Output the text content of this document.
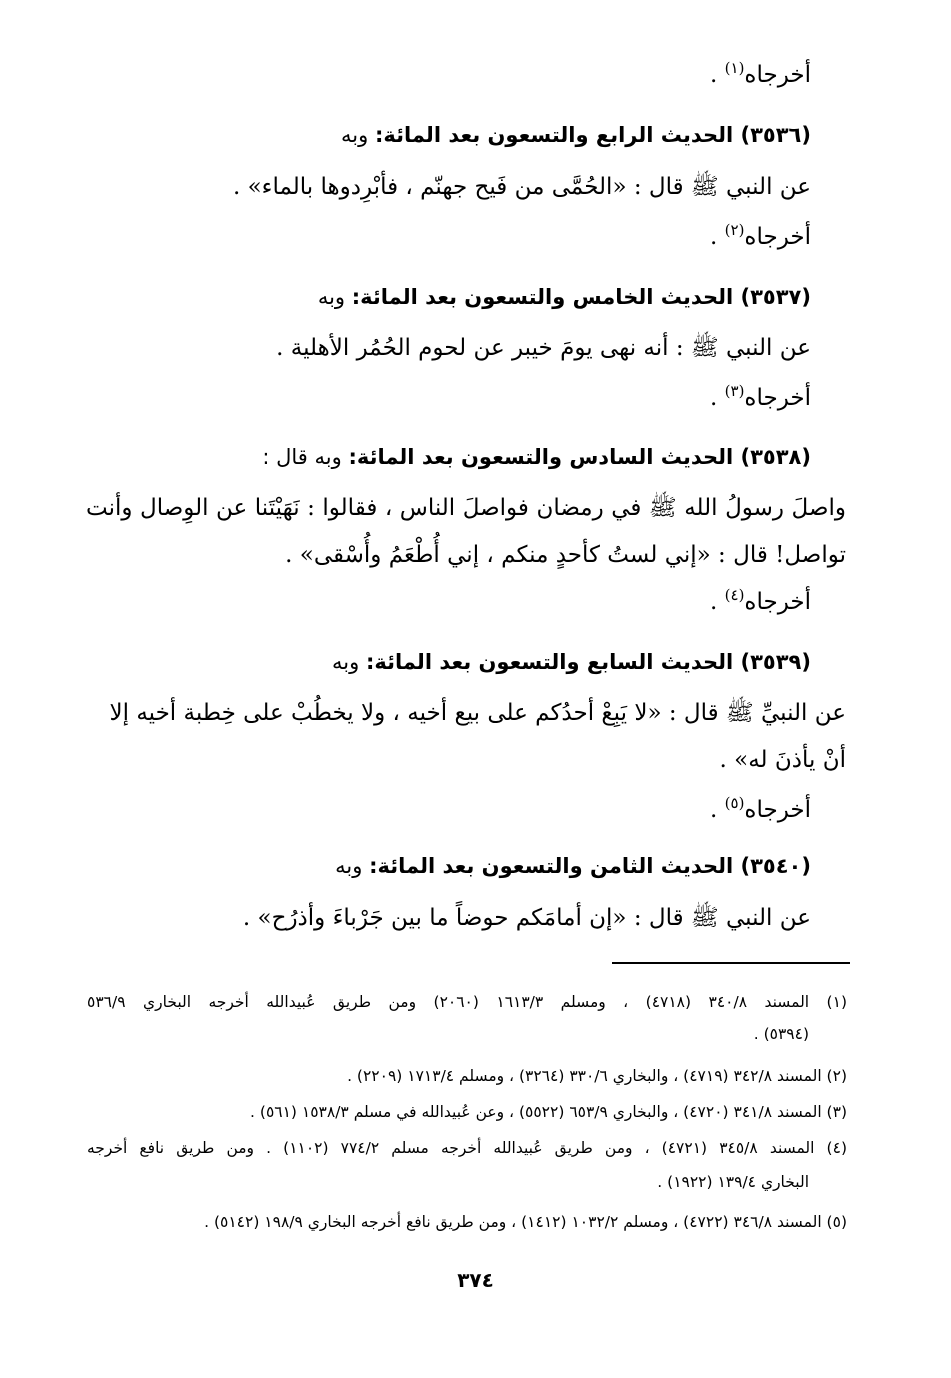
أخرجاه$^{(١)}$ .
(٣٥٣٦) الحديث الرابع والتسعون بعد المائة: وبه
عن النبي ﷺ قال : «الحُمَّى من فَيح جهنّم ، فأبْرِدوها بالماء» .
أخرجاه$^{(٢)}$ .
(٣٥٣٧) الحديث الخامس والتسعون بعد المائة: وبه
عن النبي ﷺ : أنه نهى يومَ خيبر عن لحوم الحُمُر الأهلية .
أخرجاه$^{(٣)}$ .
(٣٥٣٨) الحديث السادس والتسعون بعد المائة: وبه قال :
واصلَ رسولُ الله ﷺ في رمضان فواصلَ الناس ، فقالوا : نَهَيْتَنا عن الوِصال وأنت
تواصل! قال : «إني لستُ كأحدٍ منكم ، إني أُطْعَمُ وأُسْقى» .
أخرجاه$^{(٤)}$ .
(٣٥٣٩) الحديث السابع والتسعون بعد المائة: وبه
عن النبيِّ ﷺ قال : «لا يَبِعْ أحدُكم على بيع أخيه ، ولا يخطُبْ على خِطبة أخيه إلا
أنْ يأذنَ له» .
أخرجاه$^{(٥)}$ .
(٣٥٤٠) الحديث الثامن والتسعون بعد المائة: وبه
عن النبي ﷺ قال : «إن أمامَكم حوضاً ما بين جَرْباءَ وأذرُح» .
(١) المسند ٣٤٠/٨ (٤٧١٨) ، ومسلم ١٦١٣/٣ (٢٠٦٠) ومن طريق عُبيدالله أخرجه البخاري ٥٣٦/٩
(٥٣٩٤) .
(٢) المسند ٣٤٢/٨ (٤٧١٩) ، والبخاري ٣٣٠/٦ (٣٢٦٤) ، ومسلم ١٧١٣/٤ (٢٢٠٩) .
(٣) المسند ٣٤١/٨ (٤٧٢٠) ، والبخاري ٦٥٣/٩ (٥٥٢٢) ، وعن عُبيدالله في مسلم ١٥٣٨/٣ (٥٦١) .
(٤) المسند ٣٤٥/٨ (٤٧٢١) ، ومن طريق عُبيدالله أخرجه مسلم ٧٧٤/٢ (١١٠٢) . ومن طريق نافع أخرجه
البخاري ١٣٩/٤ (١٩٢٢) .
(٥) المسند ٣٤٦/٨ (٤٧٢٢) ، ومسلم ١٠٣٢/٢ (١٤١٢) ، ومن طريق نافع أخرجه البخاري ١٩٨/٩ (٥١٤٢) .
٣٧٤
